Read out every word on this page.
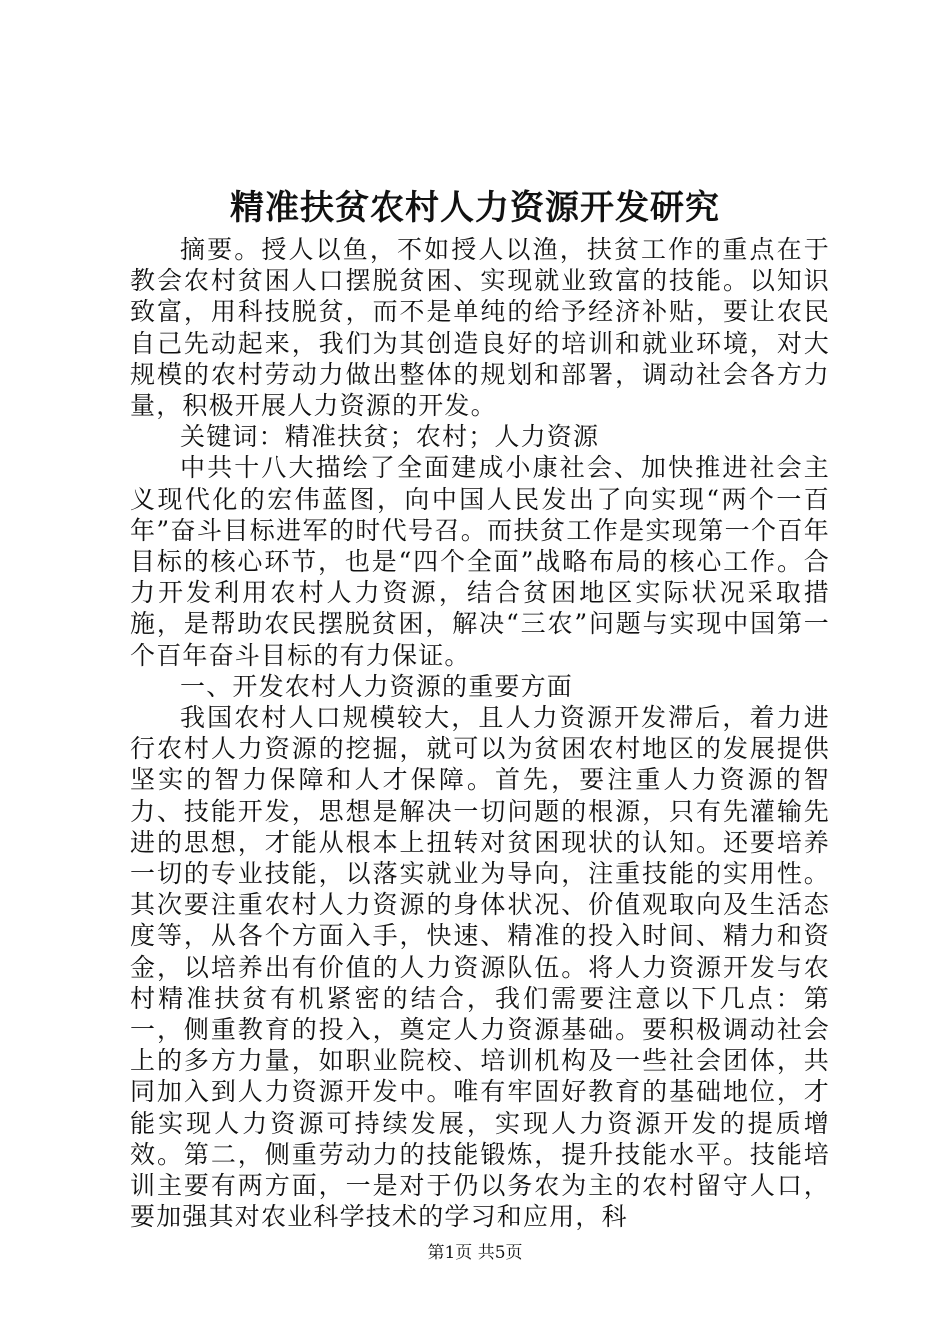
精准扶贫农村人力资源开发研究

摘要。授人以鱼，不如授人以渔，扶贫工作的重点在于教会农村贫困人口摆脱贫困、实现就业致富的技能。以知识致富，用科技脱贫，而不是单纯的给予经济补贴，要让农民自己先动起来，我们为其创造良好的培训和就业环境，对大规模的农村劳动力做出整体的规划和部署，调动社会各方力量，积极开展人力资源的开发。

关键词：精准扶贫；农村；人力资源

中共十八大描绘了全面建成小康社会、加快推进社会主义现代化的宏伟蓝图，向中国人民发出了向实现“两个一百年”奋斗目标进军的时代号召。而扶贫工作是实现第一个百年目标的核心环节，也是“四个全面”战略布局的核心工作。合力开发利用农村人力资源，结合贫困地区实际状况采取措施，是帮助农民摆脱贫困，解决“三农”问题与实现中国第一个百年奋斗目标的有力保证。

一、开发农村人力资源的重要方面

我国农村人口规模较大，且人力资源开发滞后，着力进行农村人力资源的挖掘，就可以为贫困农村地区的发展提供坚实的智力保障和人才保障。首先，要注重人力资源的智力、技能开发，思想是解决一切问题的根源，只有先灌输先进的思想，才能从根本上扭转对贫困现状的认知。还要培养一切的专业技能，以落实就业为导向，注重技能的实用性。其次要注重农村人力资源的身体状况、价值观取向及生活态度等，从各个方面入手，快速、精准的投入时间、精力和资金，以培养出有价值的人力资源队伍。将人力资源开发与农村精准扶贫有机紧密的结合，我们需要注意以下几点：第一，侧重教育的投入，奠定人力资源基础。要积极调动社会上的多方力量，如职业院校、培训机构及一些社会团体，共同加入到人力资源开发中。唯有牢固好教育的基础地位，才能实现人力资源可持续发展，实现人力资源开发的提质增效。第二，侧重劳动力的技能锻炼，提升技能水平。技能培训主要有两方面，一是对于仍以务农为主的农村留守人口，要加强其对农业科学技术的学习和应用，科

第1页 共5页
